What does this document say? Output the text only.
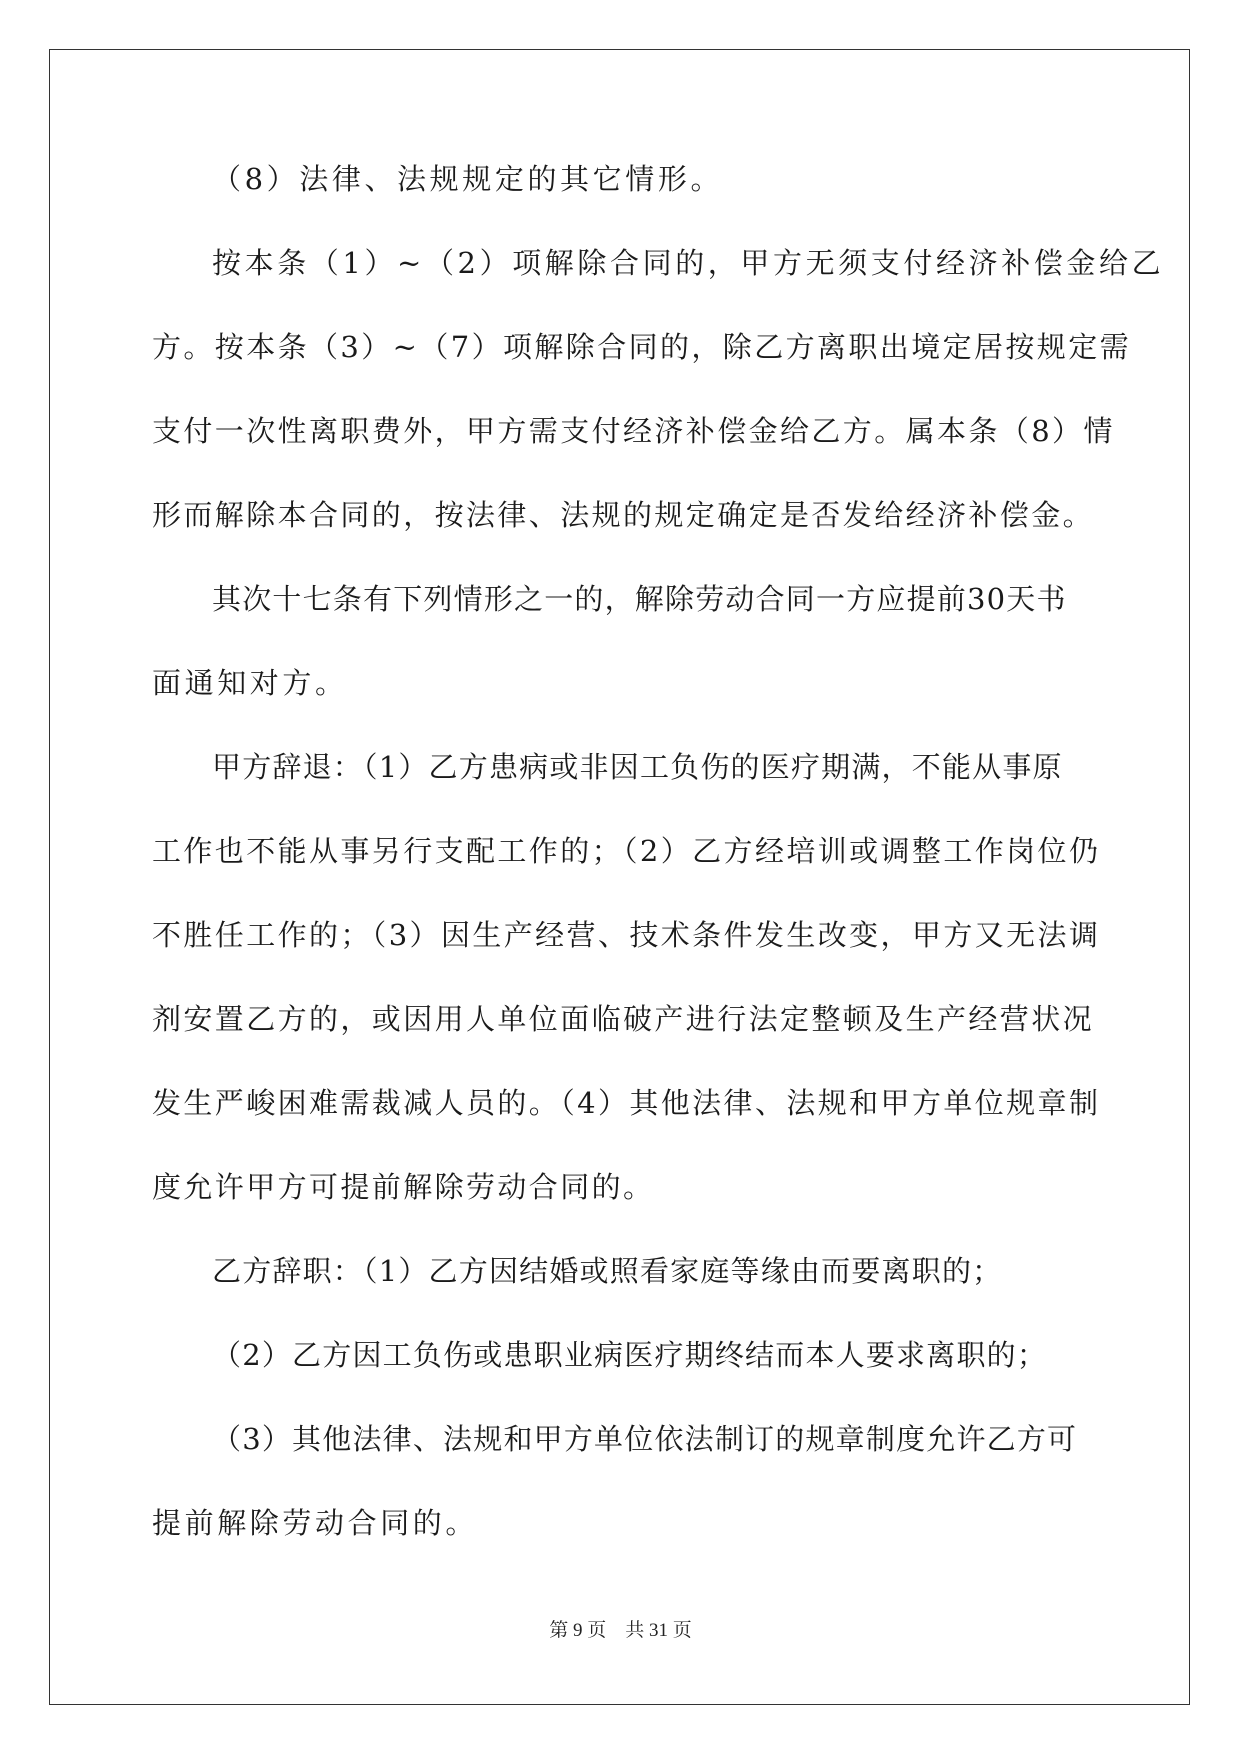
（8）法律、法规规定的其它情形。
按本条（1）~（2）项解除合同的，甲方无须支付经济补偿金给乙
方。按本条（3）~（7）项解除合同的，除乙方离职出境定居按规定需
支付一次性离职费外，甲方需支付经济补偿金给乙方。属本条（8）情
形而解除本合同的，按法律、法规的规定确定是否发给经济补偿金。
其次十七条有下列情形之一的，解除劳动合同一方应提前30天书
面通知对方。
甲方辞退：（1）乙方患病或非因工负伤的医疗期满，不能从事原
工作也不能从事另行支配工作的；（2）乙方经培训或调整工作岗位仍
不胜任工作的；（3）因生产经营、技术条件发生改变，甲方又无法调
剂安置乙方的，或因用人单位面临破产进行法定整顿及生产经营状况
发生严峻困难需裁减人员的。（4）其他法律、法规和甲方单位规章制
度允许甲方可提前解除劳动合同的。
乙方辞职：（1）乙方因结婚或照看家庭等缘由而要离职的；
（2）乙方因工负伤或患职业病医疗期终结而本人要求离职的；
（3）其他法律、法规和甲方单位依法制订的规章制度允许乙方可
提前解除劳动合同的。
第 9 页    共 31 页
